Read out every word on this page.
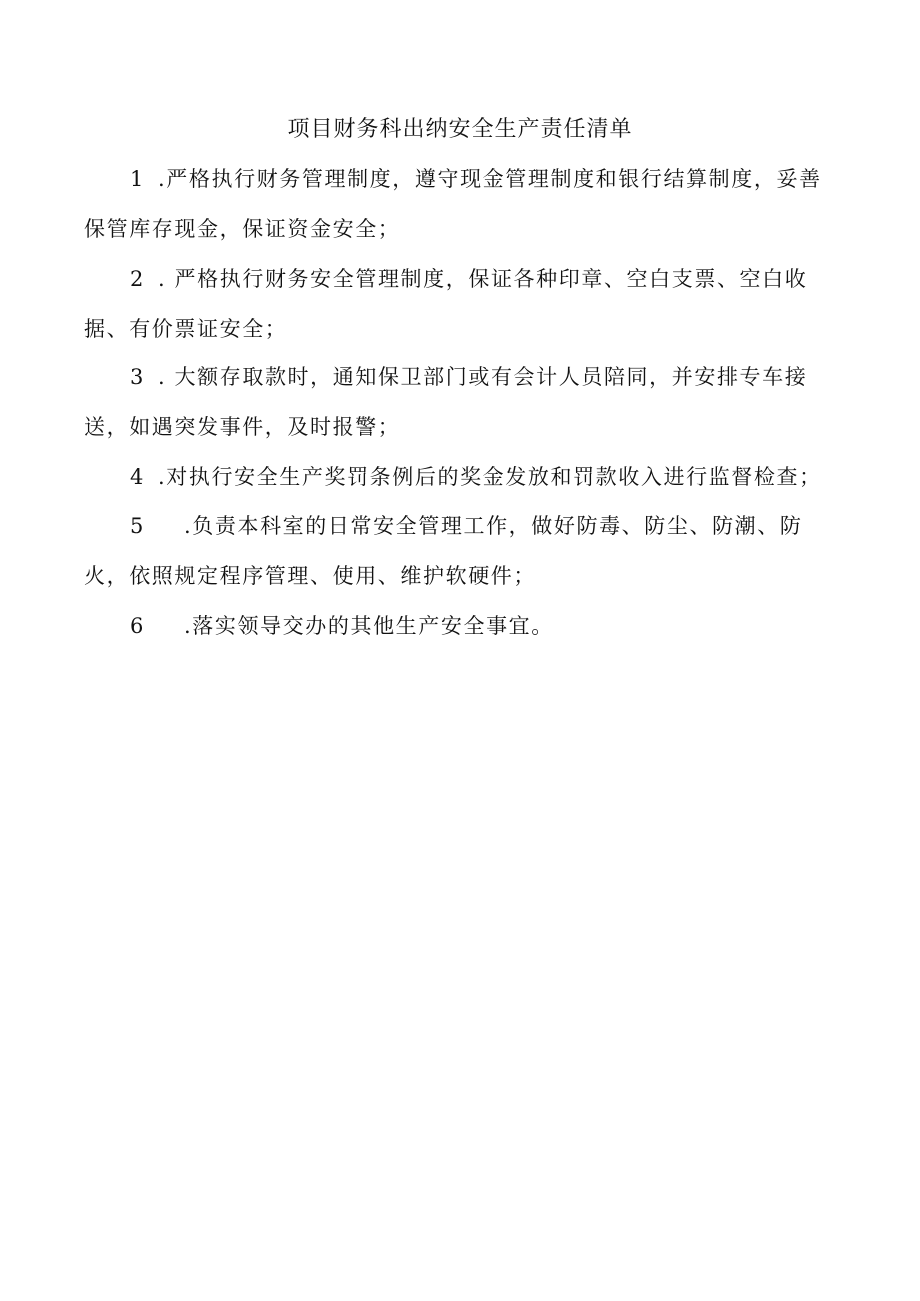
项目财务科出纳安全生产责任清单

1 .严格执行财务管理制度，遵守现金管理制度和银行结算制度，妥善
保管库存现金，保证资金安全；

2 . 严格执行财务安全管理制度，保证各种印章、空白支票、空白收
据、有价票证安全；

3 . 大额存取款时，通知保卫部门或有会计人员陪同，并安排专车接
送，如遇突发事件，及时报警；

4 .对执行安全生产奖罚条例后的奖金发放和罚款收入进行监督检查；

5 .负责本科室的日常安全管理工作，做好防毒、防尘、防潮、防
火，依照规定程序管理、使用、维护软硬件；

6 .落实领导交办的其他生产安全事宜。
